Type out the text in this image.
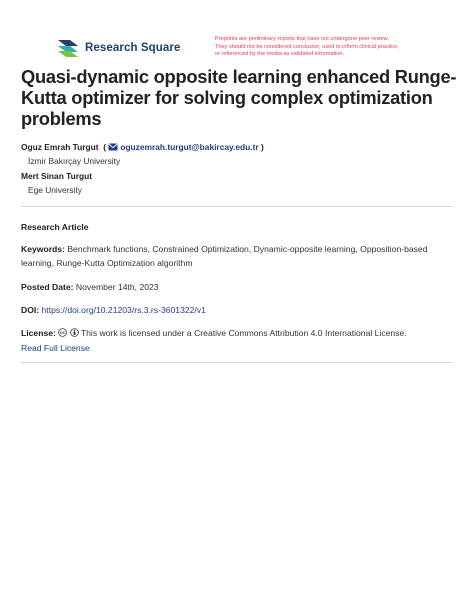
Research Square
Preprints are preliminary reports that have not undergone peer review.
They should not be considered conclusive, used to inform clinical practice,
or referenced by the media as validated information.
Quasi-dynamic opposite learning enhanced Runge-
Kutta optimizer for solving complex optimization
problems
Oguz Emrah Turgut ( oguzemrah.turgut@bakircay.edu.tr )
İzmir Bakırçay University
Mert Sinan Turgut
Ege University
Research Article
Keywords: Benchmark functions, Constrained Optimization, Dynamic-opposite learning, Opposition-based learning, Runge-Kutta Optimization algorithm
Posted Date: November 14th, 2023
DOI: https://doi.org/10.21203/rs.3.rs-3601322/v1
License: cc This work is licensed under a Creative Commons Attribution 4.0 International License.
Read Full License
